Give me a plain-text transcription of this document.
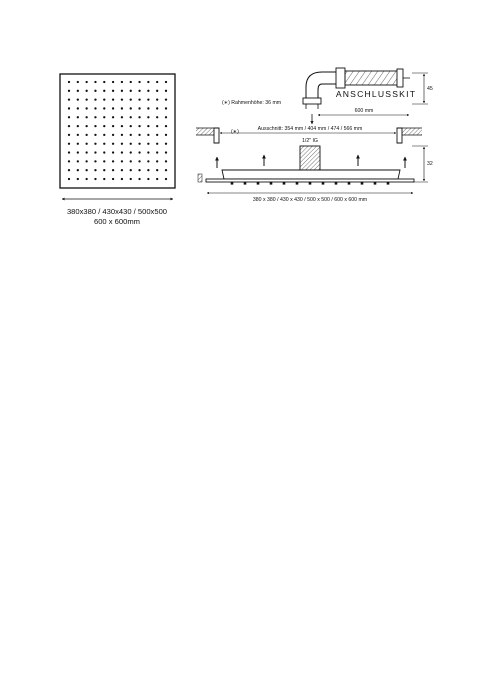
380x380 / 430x430 / 500x500
600 x 600mm
ANSCHLUSSKIT 45
600 mm
(∗) Rahmenhöhe: 36 mm
(∗)	Ausschnitt: 354 mm / 404 mm / 474 / 566 mm
1/2" IG
32
380 x 380 / 430 x 430 / 500 x 500 / 600 x 600 mm
